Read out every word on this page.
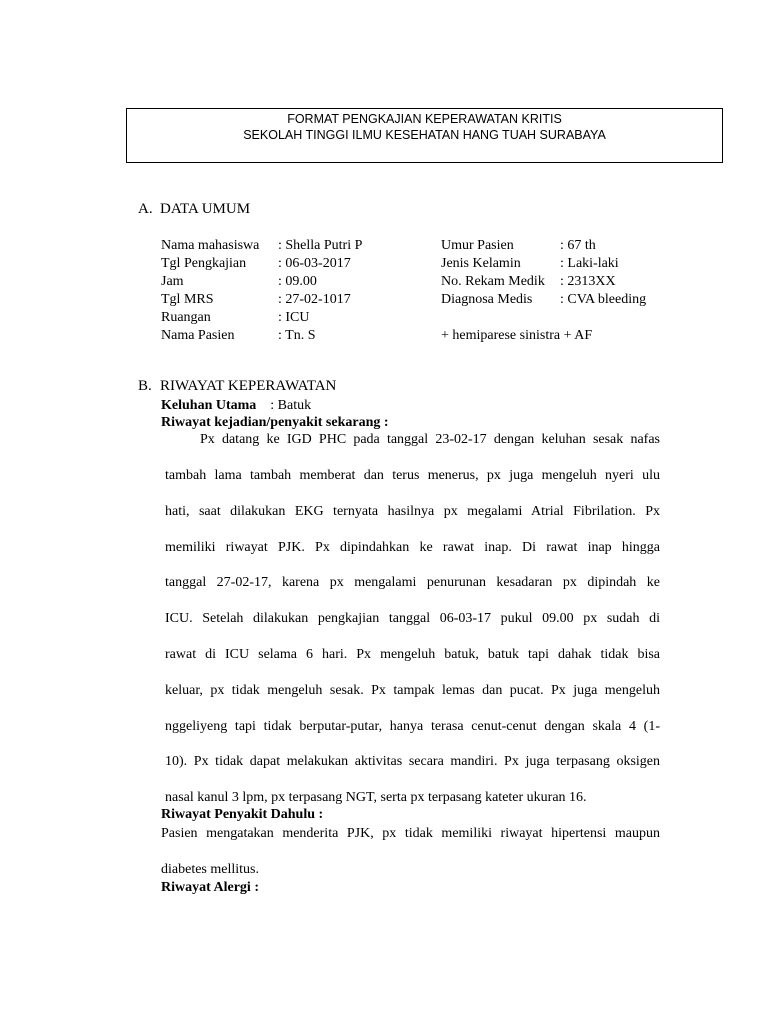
FORMAT PENGKAJIAN KEPERAWATAN KRITIS
SEKOLAH TINGGI ILMU KESEHATAN HANG TUAH SURABAYA
A. DATA UMUM
Nama mahasiswa : Shella Putri P	Umur Pasien	: 67 th
Tgl Pengkajian : 06-03-2017	Jenis Kelamin	: Laki-laki
Jam	: 09.00	No. Rekam Medik : 2313XX
Tgl MRS	: 27-02-1017	Diagnosa Medis : CVA bleeding
Ruangan	: ICU
Nama Pasien	: Tn. S	+ hemiparese sinistra + AF
B. RIWAYAT KEPERAWATAN
Keluhan Utama : Batuk
Riwayat kejadian/penyakit sekarang :
Px datang ke IGD PHC pada tanggal 23-02-17 dengan keluhan sesak nafas
tambah lama tambah memberat dan terus menerus, px juga mengeluh nyeri ulu
hati, saat dilakukan EKG ternyata hasilnya px megalami Atrial Fibrilation. Px
memiliki riwayat PJK. Px dipindahkan ke rawat inap. Di rawat inap hingga
tanggal 27-02-17, karena px mengalami penurunan kesadaran px dipindah ke
ICU. Setelah dilakukan pengkajian tanggal 06-03-17 pukul 09.00 px sudah di
rawat di ICU selama 6 hari. Px mengeluh batuk, batuk tapi dahak tidak bisa
keluar, px tidak mengeluh sesak. Px tampak lemas dan pucat. Px juga mengeluh
nggeliyeng tapi tidak berputar-putar, hanya terasa cenut-cenut dengan skala 4 (1-
10). Px tidak dapat melakukan aktivitas secara mandiri. Px juga terpasang oksigen
nasal kanul 3 lpm, px terpasang NGT, serta px terpasang kateter ukuran 16.
Riwayat Penyakit Dahulu :
Pasien mengatakan menderita PJK, px tidak memiliki riwayat hipertensi maupun
diabetes mellitus.
Riwayat Alergi :
